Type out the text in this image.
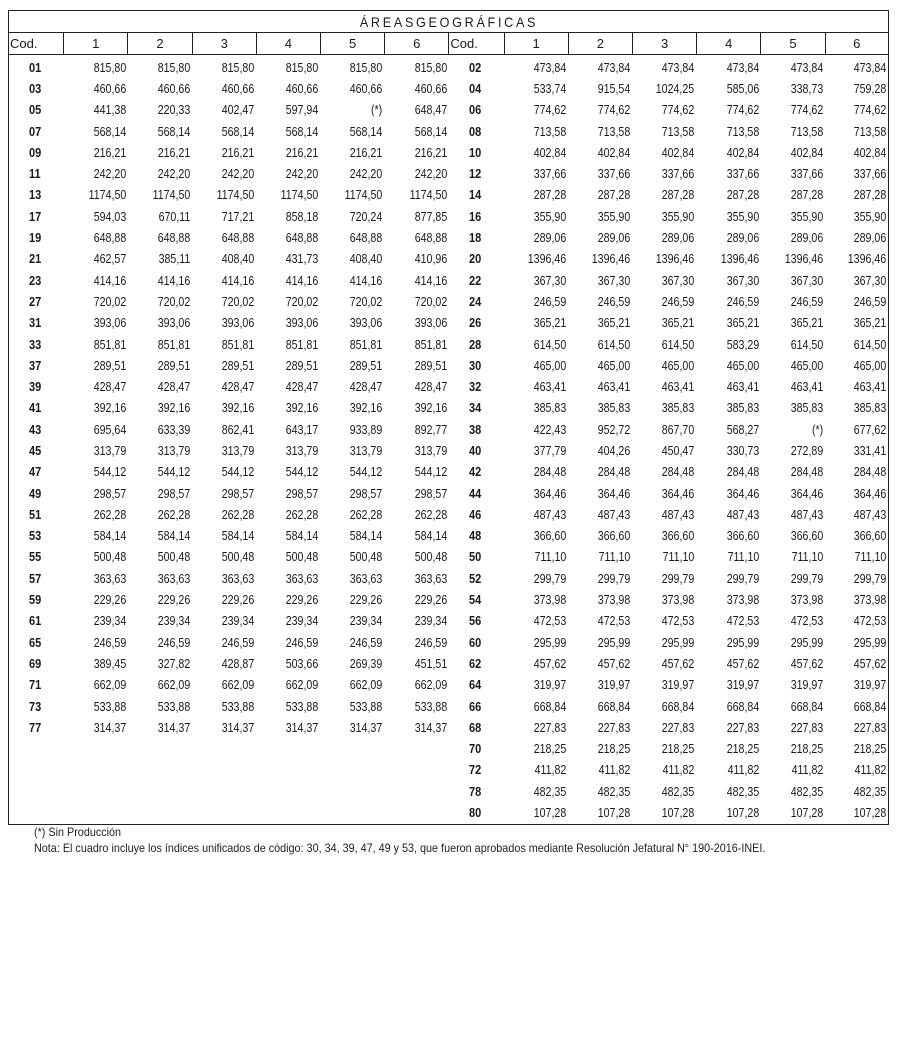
ÁREASGEOGRÁFICAS													
Cod.	1	2	3	4	5	6	Cod.	1	2	3	4	5	6
01	815,80	815,80	815,80	815,80	815,80	815,80	02	473,84	473,84	473,84	473,84	473,84	473,84
03	460,66	460,66	460,66	460,66	460,66	460,66	04	533,74	915,54	1024,25	585,06	338,73	759,28
05	441,38	220,33	402,47	597,94	(*)	648,47	06	774,62	774,62	774,62	774,62	774,62	774,62
07	568,14	568,14	568,14	568,14	568,14	568,14	08	713,58	713,58	713,58	713,58	713,58	713,58
09	216,21	216,21	216,21	216,21	216,21	216,21	10	402,84	402,84	402,84	402,84	402,84	402,84
11	242,20	242,20	242,20	242,20	242,20	242,20	12	337,66	337,66	337,66	337,66	337,66	337,66
13	1174,50	1174,50	1174,50	1174,50	1174,50	1174,50	14	287,28	287,28	287,28	287,28	287,28	287,28
17	594,03	670,11	717,21	858,18	720,24	877,85	16	355,90	355,90	355,90	355,90	355,90	355,90
19	648,88	648,88	648,88	648,88	648,88	648,88	18	289,06	289,06	289,06	289,06	289,06	289,06
21	462,57	385,11	408,40	431,73	408,40	410,96	20	1396,46	1396,46	1396,46	1396,46	1396,46	1396,46
23	414,16	414,16	414,16	414,16	414,16	414,16	22	367,30	367,30	367,30	367,30	367,30	367,30
27	720,02	720,02	720,02	720,02	720,02	720,02	24	246,59	246,59	246,59	246,59	246,59	246,59
31	393,06	393,06	393,06	393,06	393,06	393,06	26	365,21	365,21	365,21	365,21	365,21	365,21
33	851,81	851,81	851,81	851,81	851,81	851,81	28	614,50	614,50	614,50	583,29	614,50	614,50
37	289,51	289,51	289,51	289,51	289,51	289,51	30	465,00	465,00	465,00	465,00	465,00	465,00
39	428,47	428,47	428,47	428,47	428,47	428,47	32	463,41	463,41	463,41	463,41	463,41	463,41
41	392,16	392,16	392,16	392,16	392,16	392,16	34	385,83	385,83	385,83	385,83	385,83	385,83
43	695,64	633,39	862,41	643,17	933,89	892,77	38	422,43	952,72	867,70	568,27	(*)	677,62
45	313,79	313,79	313,79	313,79	313,79	313,79	40	377,79	404,26	450,47	330,73	272,89	331,41
47	544,12	544,12	544,12	544,12	544,12	544,12	42	284,48	284,48	284,48	284,48	284,48	284,48
49	298,57	298,57	298,57	298,57	298,57	298,57	44	364,46	364,46	364,46	364,46	364,46	364,46
51	262,28	262,28	262,28	262,28	262,28	262,28	46	487,43	487,43	487,43	487,43	487,43	487,43
53	584,14	584,14	584,14	584,14	584,14	584,14	48	366,60	366,60	366,60	366,60	366,60	366,60
55	500,48	500,48	500,48	500,48	500,48	500,48	50	711,10	711,10	711,10	711,10	711,10	711,10
57	363,63	363,63	363,63	363,63	363,63	363,63	52	299,79	299,79	299,79	299,79	299,79	299,79
59	229,26	229,26	229,26	229,26	229,26	229,26	54	373,98	373,98	373,98	373,98	373,98	373,98
61	239,34	239,34	239,34	239,34	239,34	239,34	56	472,53	472,53	472,53	472,53	472,53	472,53
65	246,59	246,59	246,59	246,59	246,59	246,59	60	295,99	295,99	295,99	295,99	295,99	295,99
69	389,45	327,82	428,87	503,66	269,39	451,51	62	457,62	457,62	457,62	457,62	457,62	457,62
71	662,09	662,09	662,09	662,09	662,09	662,09	64	319,97	319,97	319,97	319,97	319,97	319,97
73	533,88	533,88	533,88	533,88	533,88	533,88	66	668,84	668,84	668,84	668,84	668,84	668,84
77	314,37	314,37	314,37	314,37	314,37	314,37	68	227,83	227,83	227,83	227,83	227,83	227,83
							70	218,25	218,25	218,25	218,25	218,25	218,25
							72	411,82	411,82	411,82	411,82	411,82	411,82
							78	482,35	482,35	482,35	482,35	482,35	482,35
							80	107,28	107,28	107,28	107,28	107,28	107,28
(*) Sin Producción
Nota: El cuadro incluye los índices unificados de código: 30, 34, 39, 47, 49 y 53, que fueron aprobados mediante Resolución Jefatural N° 190-2016-INEI.
